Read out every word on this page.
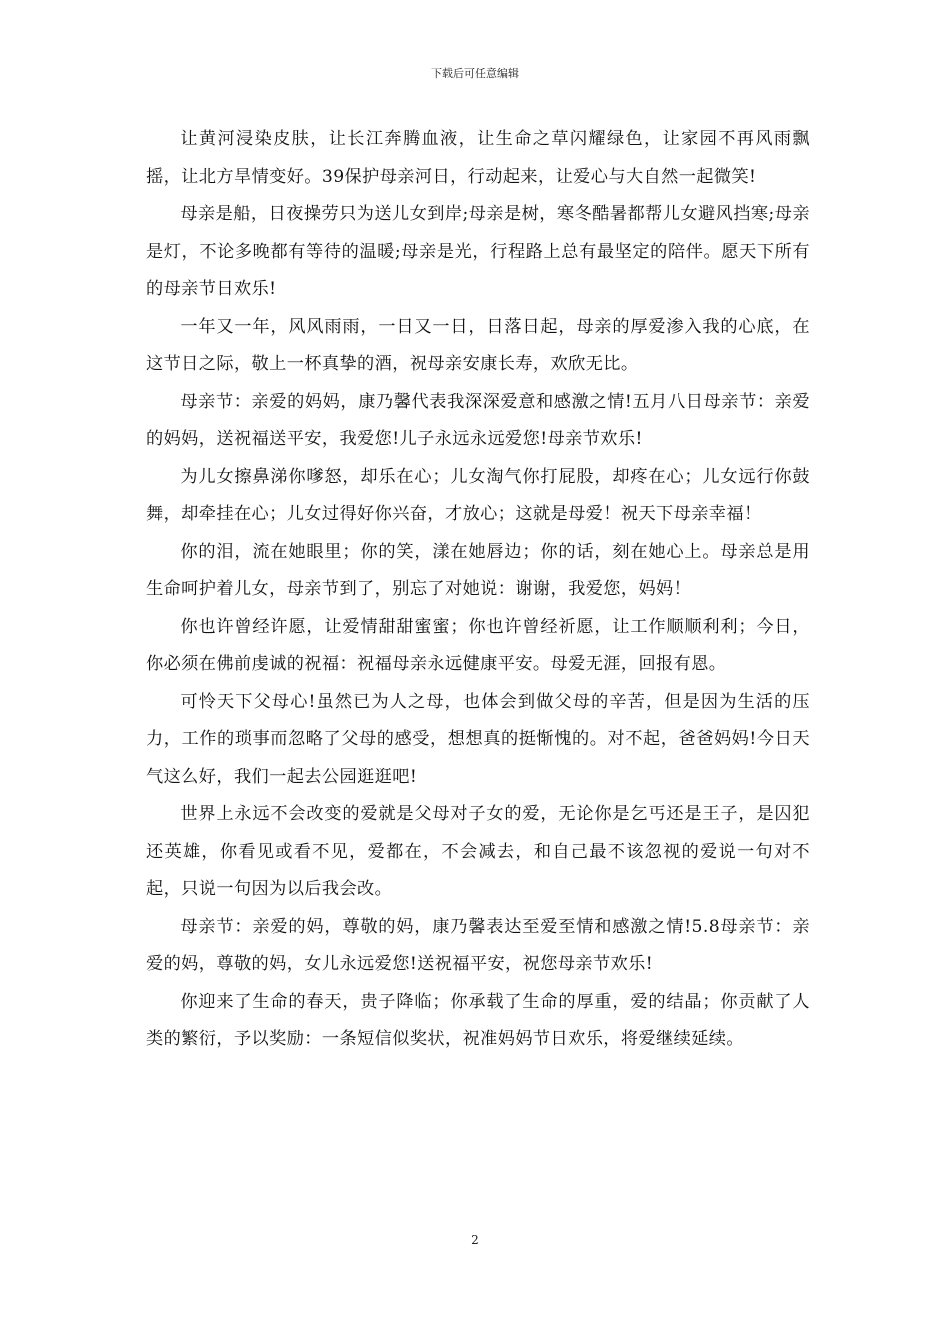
下载后可任意编辑

让黄河浸染皮肤，让长江奔腾血液，让生命之草闪耀绿色，让家园不再风雨飘摇，让北方旱情变好。39保护母亲河日，行动起来，让爱心与大自然一起微笑!

母亲是船，日夜操劳只为送儿女到岸;母亲是树，寒冬酷暑都帮儿女避风挡寒;母亲是灯，不论多晚都有等待的温暖;母亲是光，行程路上总有最坚定的陪伴。愿天下所有的母亲节日欢乐!

一年又一年，风风雨雨，一日又一日，日落日起，母亲的厚爱渗入我的心底，在这节日之际，敬上一杯真挚的酒，祝母亲安康长寿，欢欣无比。

母亲节：亲爱的妈妈，康乃馨代表我深深爱意和感激之情!五月八日母亲节：亲爱的妈妈，送祝福送平安，我爱您!儿子永远永远爱您!母亲节欢乐!

为儿女擦鼻涕你嗲怒，却乐在心；儿女淘气你打屁股，却疼在心；儿女远行你鼓舞，却牵挂在心；儿女过得好你兴奋，才放心；这就是母爱！祝天下母亲幸福！

你的泪，流在她眼里；你的笑，漾在她唇边；你的话，刻在她心上。母亲总是用生命呵护着儿女，母亲节到了，别忘了对她说：谢谢，我爱您，妈妈！

你也许曾经许愿，让爱情甜甜蜜蜜；你也许曾经祈愿，让工作顺顺利利；今日，你必须在佛前虔诚的祝福：祝福母亲永远健康平安。母爱无涯，回报有恩。

可怜天下父母心!虽然已为人之母，也体会到做父母的辛苦，但是因为生活的压力，工作的琐事而忽略了父母的感受，想想真的挺惭愧的。对不起，爸爸妈妈!今日天气这么好，我们一起去公园逛逛吧!

世界上永远不会改变的爱就是父母对子女的爱，无论你是乞丐还是王子，是囚犯还英雄，你看见或看不见，爱都在，不会减去，和自己最不该忽视的爱说一句对不起，只说一句因为以后我会改。

母亲节：亲爱的妈，尊敬的妈，康乃馨表达至爱至情和感激之情!5.8母亲节：亲爱的妈，尊敬的妈，女儿永远爱您!送祝福平安，祝您母亲节欢乐!

你迎来了生命的春天，贵子降临；你承载了生命的厚重，爱的结晶；你贡献了人类的繁衍，予以奖励：一条短信似奖状，祝准妈妈节日欢乐，将爱继续延续。

2
